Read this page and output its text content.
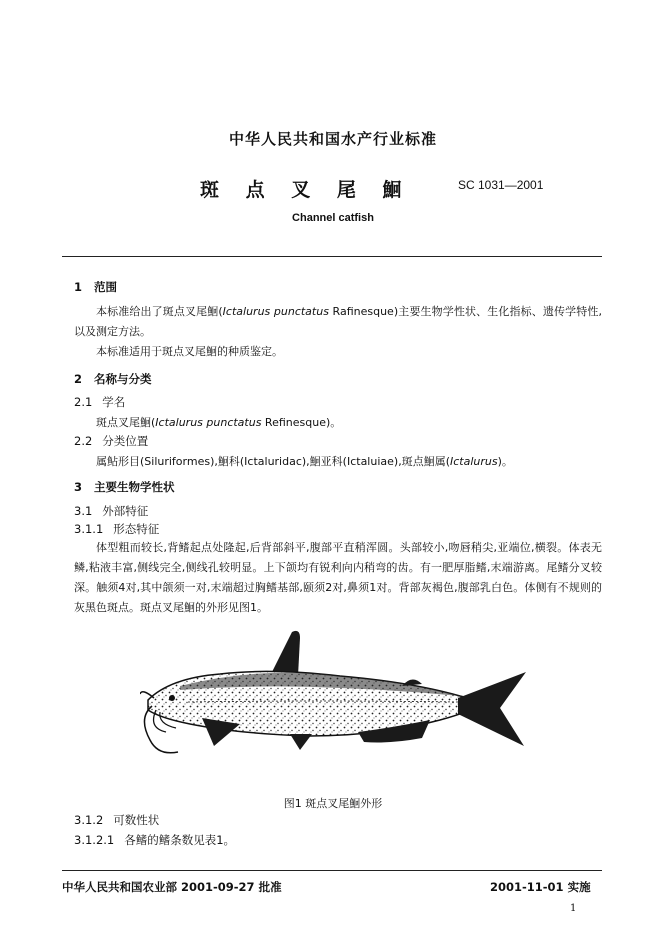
中华人民共和国水产行业标准
斑 点 叉 尾 鮰	SC 1031—2001
Channel catfish
1 范围
本标准给出了斑点叉尾鮰(Ictalurus punctatus Rafinesque)主要生物学性状、生化指标、遗传学特性,以及测定方法。
本标准适用于斑点叉尾鮰的种质鉴定。
2 名称与分类
2.1 学名
斑点叉尾鮰(Ictalurus punctatus Refinesque)。
2.2 分类位置
属鲇形目(Siluriformes),鮰科(Ictaluridac),鮰亚科(Ictaluiae),斑点鮰属(Ictalurus)。
3 主要生物学性状
3.1 外部特征
3.1.1 形态特征
体型粗而较长,背鳍起点处隆起,后背部斜平,腹部平直稍浑圆。头部较小,吻唇稍尖,亚端位,横裂。体表无鳞,粘液丰富,侧线完全,侧线孔较明显。上下颌均有锐利向内稍弯的齿。有一肥厚脂鳍,末端游离。尾鳍分叉较深。触须4对,其中颌须一对,末端超过胸鳍基部,颐须2对,鼻须1对。背部灰褐色,腹部乳白色。体侧有不规则的灰黑色斑点。斑点叉尾鮰的外形见图1。
图1 斑点叉尾鮰外形
3.1.2 可数性状
3.1.2.1 各鳍的鳍条数见表1。
中华人民共和国农业部 2001-09-27 批准	2001-11-01 实施
1
